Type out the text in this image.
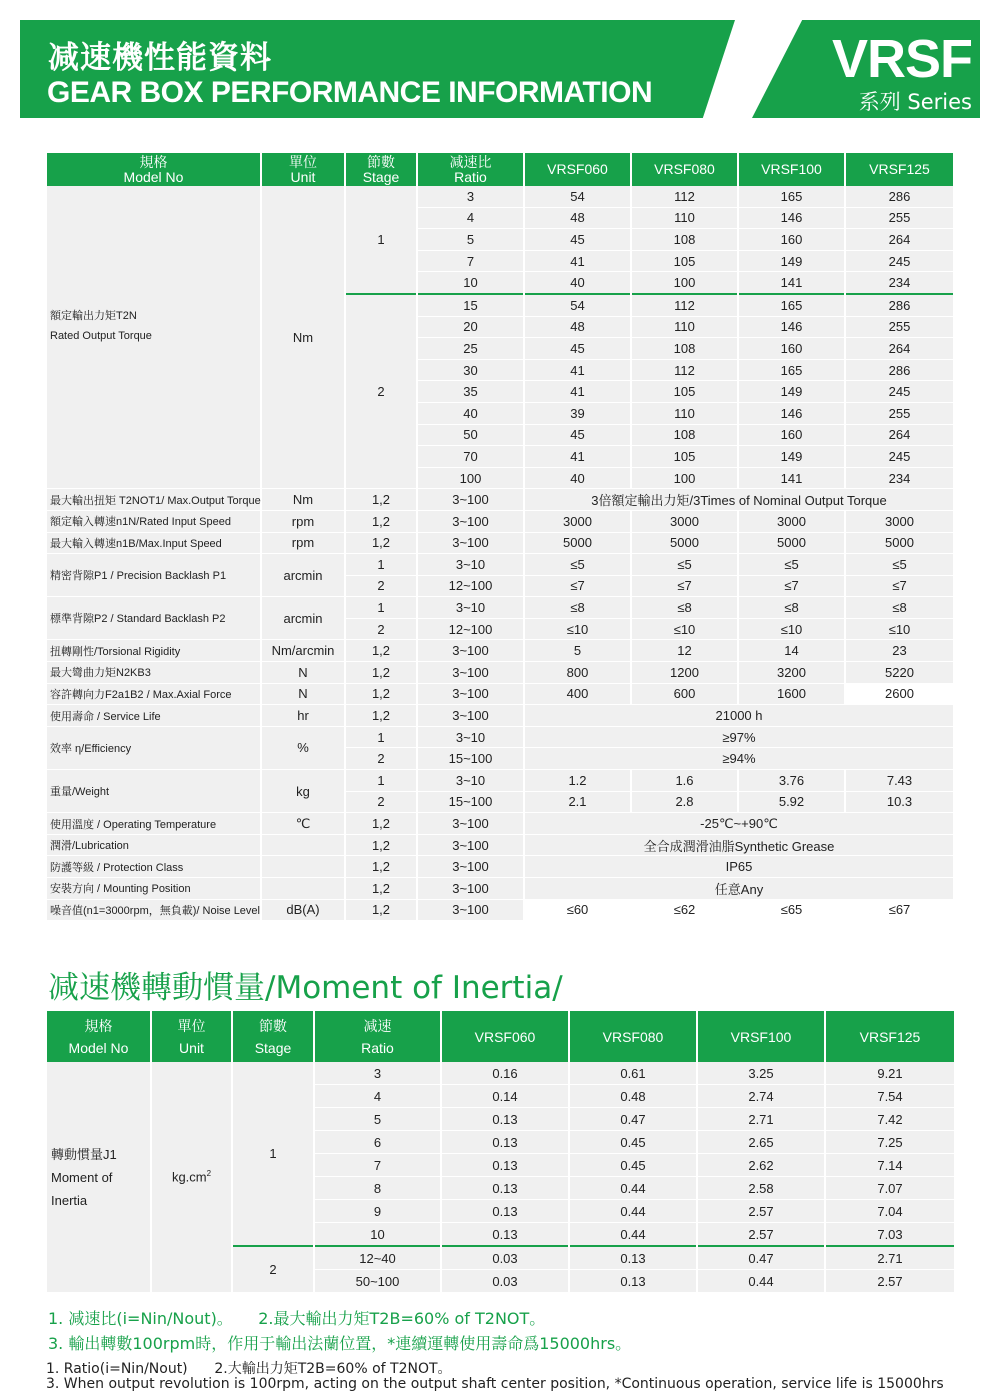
减速機性能資料
GEAR BOX PERFORMANCE INFORMATION
VRSF
系列 Series
規格
Model No	單位
Unit	節數
Stage	减速比
Ratio	VRSF060	VRSF080	VRSF100	VRSF125
額定輸出力矩T2N
Rated Output Torque	Nm	1	3	54	112	165	286
			4	48	110	146	255
			5	45	108	160	264
			7	41	105	149	245
			10	40	100	141	234
		2	15	54	112	165	286
			20	48	110	146	255
			25	45	108	160	264
			30	41	112	165	286
			35	41	105	149	245
			40	39	110	146	255
			50	45	108	160	264
			70	41	105	149	245
			100	40	100	141	234
最大輸出扭矩 T2NOT1/ Max.Output Torque	Nm	1,2	3~100	3倍額定輸出力矩/3Times of Nominal Output Torque			
額定輸入轉速n1N/Rated Input Speed	rpm	1,2	3~100	3000	3000	3000	3000
最大輸入轉速n1B/Max.Input Speed	rpm	1,2	3~100	5000	5000	5000	5000
精密背隙P1 / Precision Backlash P1	arcmin	1	3~10	≤5	≤5	≤5	≤5
		2	12~100	≤7	≤7	≤7	≤7
標準背隙P2 / Standard Backlash P2	arcmin	1	3~10	≤8	≤8	≤8	≤8
		2	12~100	≤10	≤10	≤10	≤10
扭轉剛性/Torsional Rigidity	Nm/arcmin	1,2	3~100	5	12	14	23
最大彎曲力矩N2KB3	N	1,2	3~100	800	1200	3200	5220
容許轉向力F2a1B2 / Max.Axial Force	N	1,2	3~100	400	600	1600	2600
使用壽命 / Service Life	hr	1,2	3~100	21000 h			
效率 η/Efficiency	%	1	3~10	≥97%			
		2	15~100	≥94%			
重量/Weight	kg	1	3~10	1.2	1.6	3.76	7.43
		2	15~100	2.1	2.8	5.92	10.3
使用溫度 / Operating Temperature	℃	1,2	3~100	-25℃~+90℃			
潤滑/Lubrication		1,2	3~100	全合成潤滑油脂Synthetic Grease			
防護等級 / Protection Class		1,2	3~100	IP65			
安裝方向 / Mounting Position		1,2	3~100	任意Any			
噪音值(n1=3000rpm，無負載)/ Noise Level	dB(A)	1,2	3~100	≤60	≤62	≤65	≤67
减速機轉動慣量/Moment of Inertia/
規格
Model No	單位
Unit	節數
Stage	减速
Ratio	VRSF060	VRSF080	VRSF100	VRSF125
轉動慣量J1
Moment of Inertia	$kg.cm^2$	1	3	0.16	0.61	3.25	9.21
			4	0.14	0.48	2.74	7.54
			5	0.13	0.47	2.71	7.42
			6	0.13	0.45	2.65	7.25
			7	0.13	0.45	2.62	7.14
			8	0.13	0.44	2.58	7.07
			9	0.13	0.44	2.57	7.04
			10	0.13	0.44	2.57	7.03
		2	12~40	0.03	0.13	0.47	2.71
			50~100	0.03	0.13	0.44	2.57
1. 减速比(i=Nin/Nout)。 2.最大輸出力矩T2B=60% of T2NOT。
3. 輸出轉數100rpm時，作用于輸出法蘭位置，*連續運轉使用壽命爲15000hrs。
1. Ratio(i=Nin/Nout) 2.大輸出力矩T2B=60% of T2NOT。
3. When output revolution is 100rpm, acting on the output shaft center position, *Continuous operation, service life is 15000hrs
